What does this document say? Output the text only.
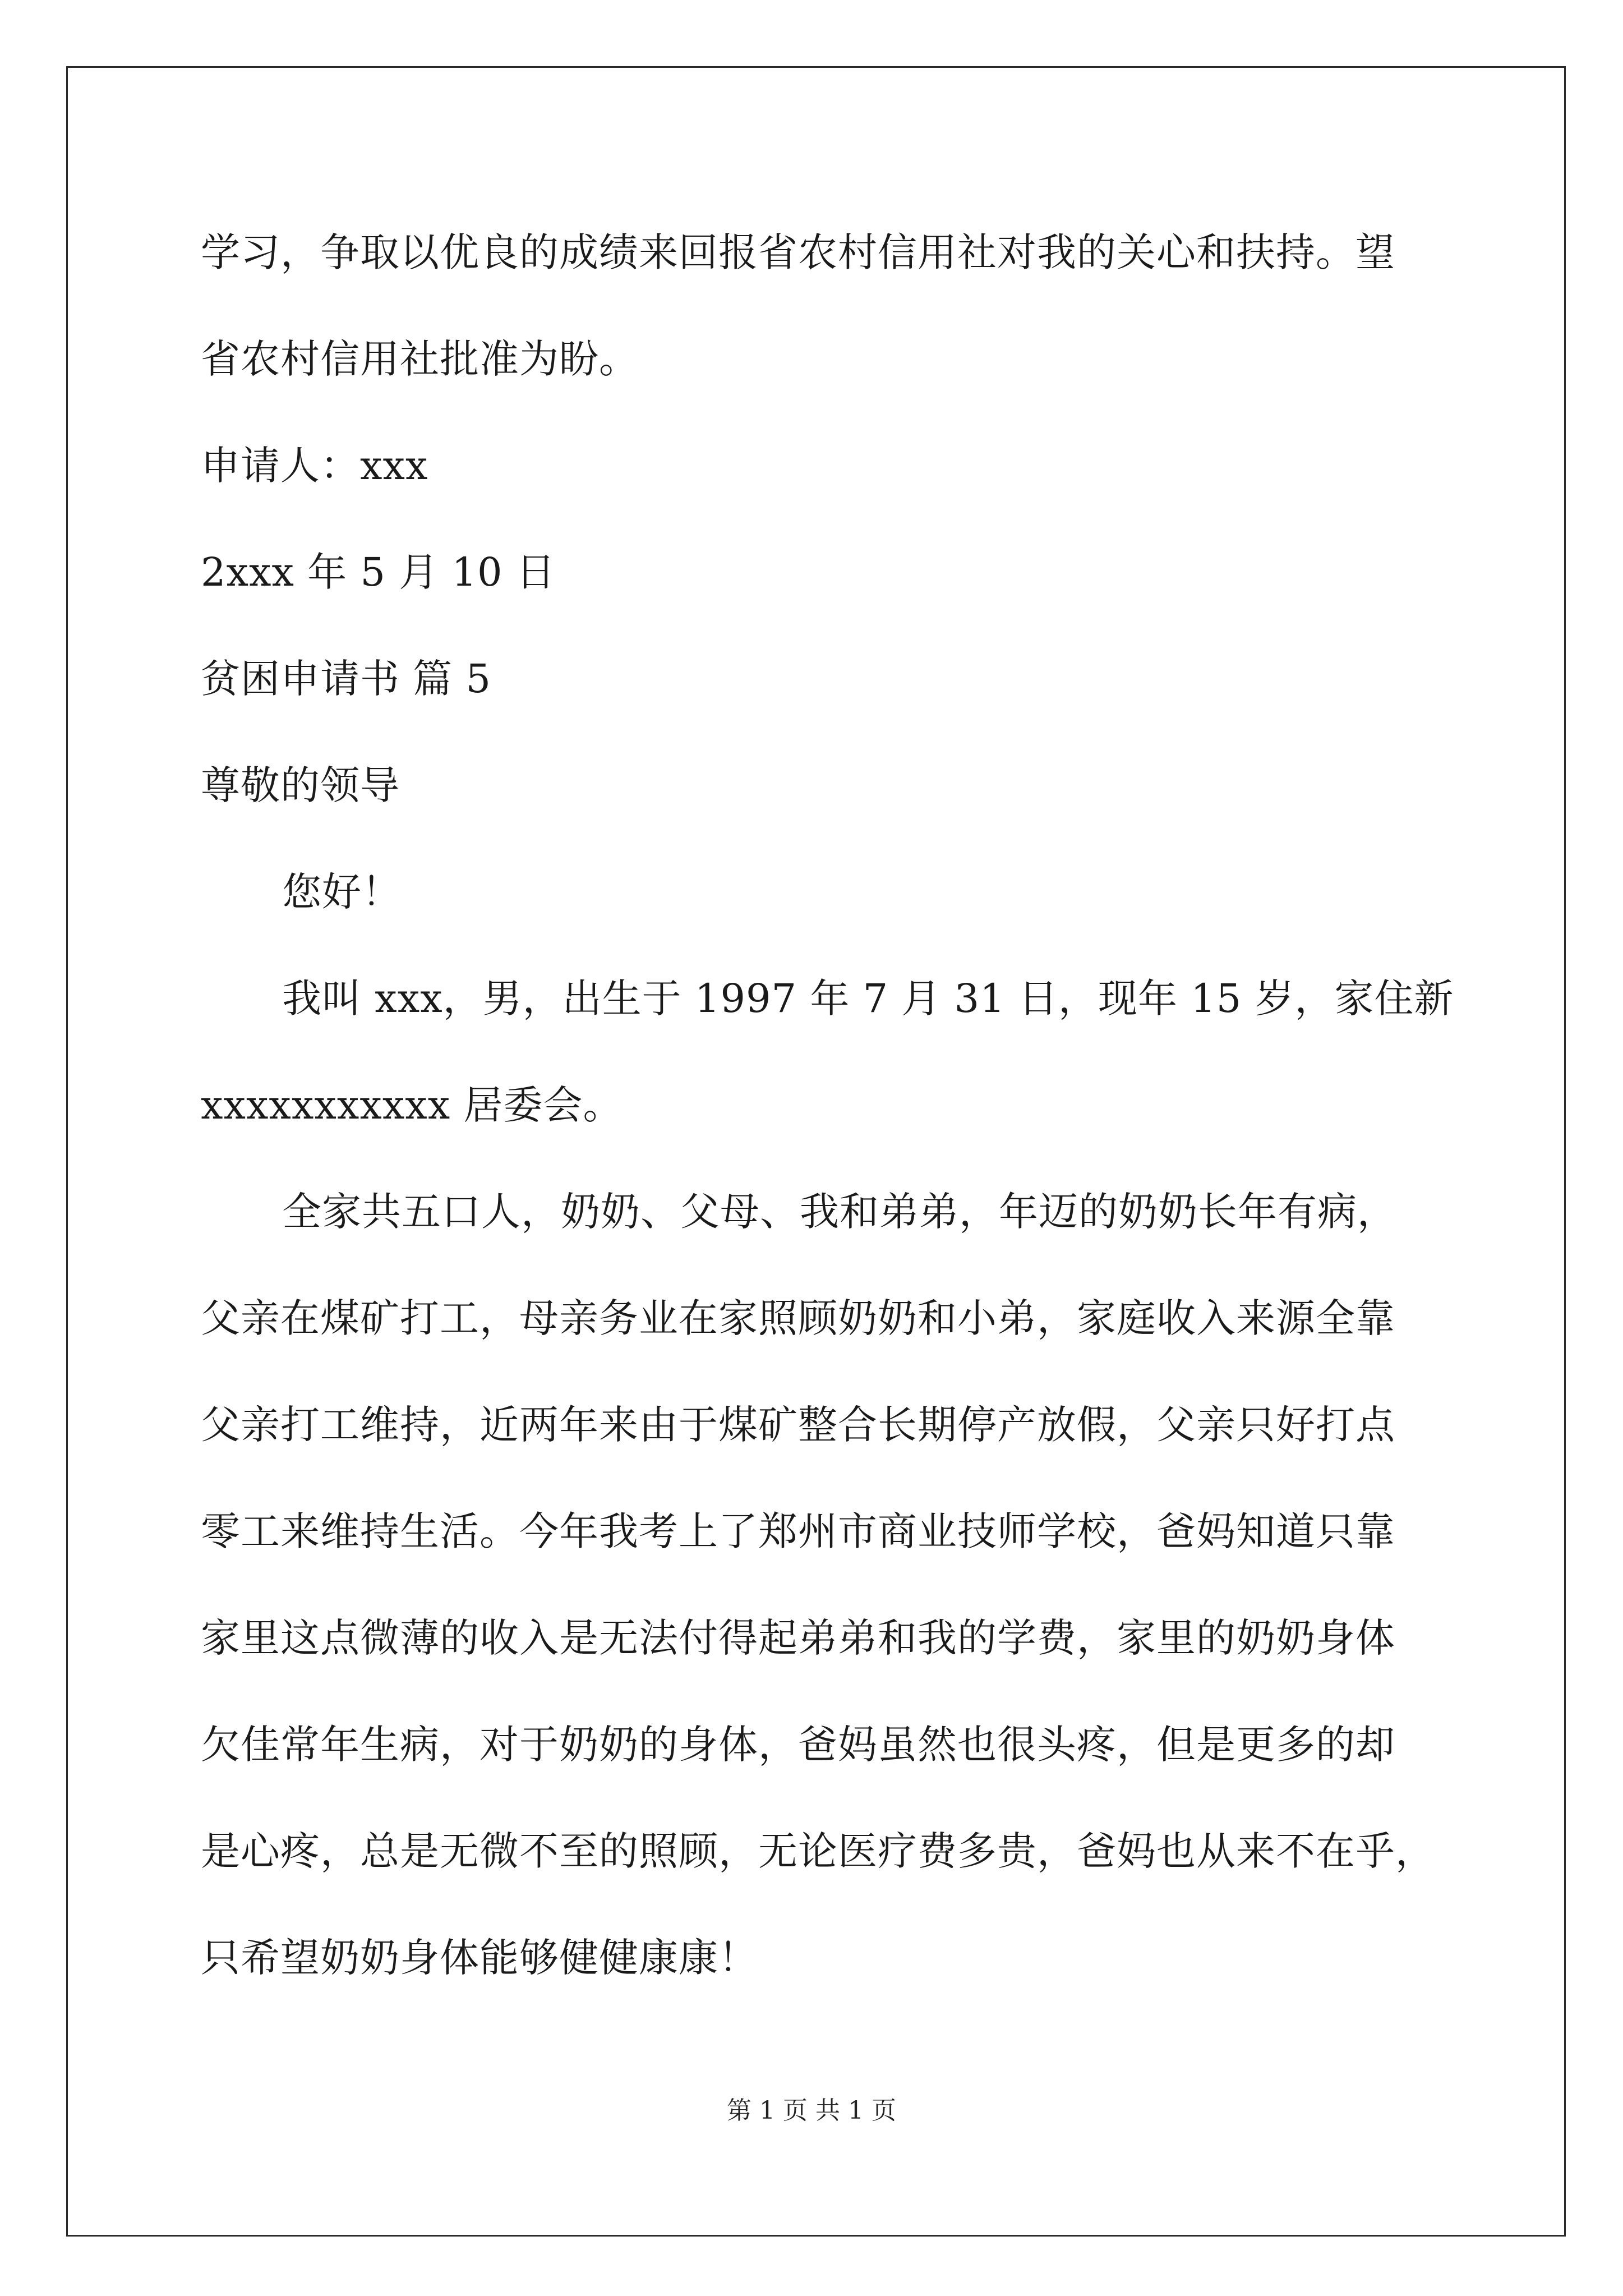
学习，争取以优良的成绩来回报省农村信用社对我的关心和扶持。望
省农村信用社批准为盼。
申请人：xxx
2xxx 年 5 月 10 日
贫困申请书 篇 5
尊敬的领导
您好！
我叫 xxx，男，出生于 1997 年 7 月 31 日，现年 15 岁，家住新
xxxxxxxxxxx 居委会。
全家共五口人，奶奶、父母、我和弟弟，年迈的奶奶长年有病，
父亲在煤矿打工，母亲务业在家照顾奶奶和小弟，家庭收入来源全靠
父亲打工维持，近两年来由于煤矿整合长期停产放假，父亲只好打点
零工来维持生活。今年我考上了郑州市商业技师学校，爸妈知道只靠
家里这点微薄的收入是无法付得起弟弟和我的学费，家里的奶奶身体
欠佳常年生病，对于奶奶的身体，爸妈虽然也很头疼，但是更多的却
是心疼，总是无微不至的照顾，无论医疗费多贵，爸妈也从来不在乎，
只希望奶奶身体能够健健康康！
第 1 页 共 1 页
